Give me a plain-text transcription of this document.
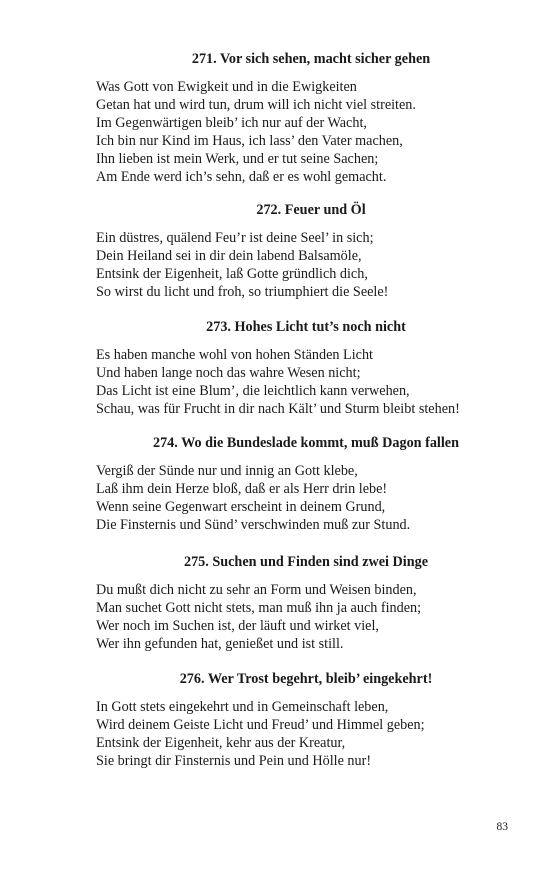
271. Vor sich sehen, macht sicher gehen
Was Gott von Ewigkeit und in die Ewigkeiten
Getan hat und wird tun, drum will ich nicht viel streiten.
Im Gegenwärtigen bleib’ ich nur auf der Wacht,
Ich bin nur Kind im Haus, ich lass’ den Vater machen,
Ihn lieben ist mein Werk, und er tut seine Sachen;
Am Ende werd ich’s sehn, daß er es wohl gemacht.
272. Feuer und Öl
Ein düstres, quälend Feu’r ist deine Seel’ in sich;
Dein Heiland sei in dir dein labend Balsamöle,
Entsink der Eigenheit, laß Gotte gründlich dich,
So wirst du licht und froh, so triumphiert die Seele!
273. Hohes Licht tut’s noch nicht
Es haben manche wohl von hohen Ständen Licht
Und haben lange noch das wahre Wesen nicht;
Das Licht ist eine Blum’, die leichtlich kann verwehen,
Schau, was für Frucht in dir nach Kält’ und Sturm bleibt stehen!
274. Wo die Bundeslade kommt, muß Dagon fallen
Vergiß der Sünde nur und innig an Gott klebe,
Laß ihm dein Herze bloß, daß er als Herr drin lebe!
Wenn seine Gegenwart erscheint in deinem Grund,
Die Finsternis und Sünd’ verschwinden muß zur Stund.
275. Suchen und Finden sind zwei Dinge
Du mußt dich nicht zu sehr an Form und Weisen binden,
Man suchet Gott nicht stets, man muß ihn ja auch finden;
Wer noch im Suchen ist, der läuft und wirket viel,
Wer ihn gefunden hat, genießet und ist still.
276. Wer Trost begehrt, bleib’ eingekehrt!
In Gott stets eingekehrt und in Gemeinschaft leben,
Wird deinem Geiste Licht und Freud’ und Himmel geben;
Entsink der Eigenheit, kehr aus der Kreatur,
Sie bringt dir Finsternis und Pein und Hölle nur!
83
